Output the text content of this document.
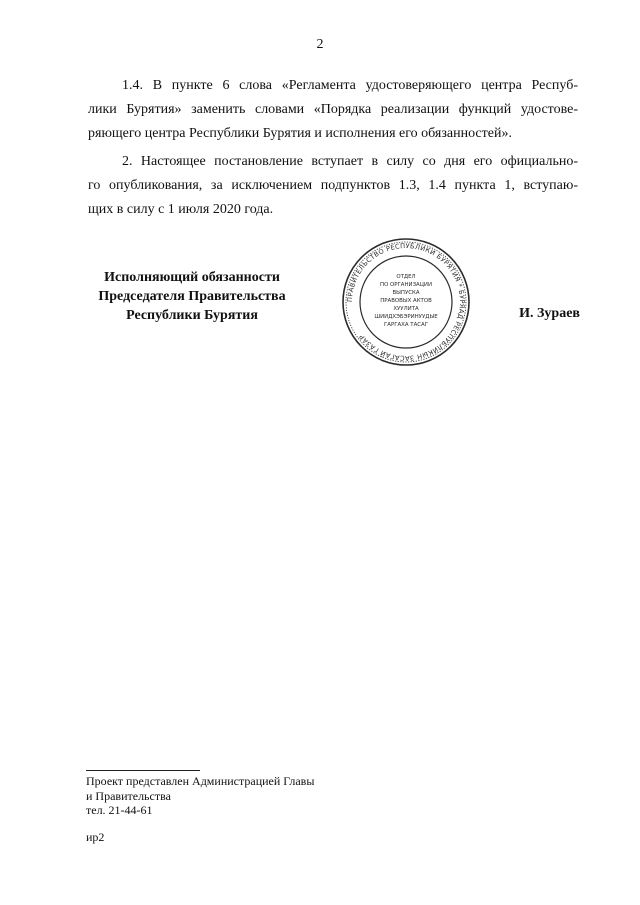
2
1.4. В пункте 6 слова «Регламента удостоверяющего центра Респуб-
лики Бурятия» заменить словами «Порядка реализации функций удостове-
ряющего центра Республики Бурятия и исполнения его обязанностей».
2. Настоящее постановление вступает в силу со дня его официально-
го опубликования, за исключением подпунктов 1.3, 1.4 пункта 1, вступаю-
щих в силу с 1 июля 2020 года.
Исполняющий обязанности
Председателя Правительства
Республики Бурятия
ПРАВИТЕЛЬСТВО РЕСПУБЛИКИ БУРЯТИЯ * БУРЯАД РЕСПУБЛИКЫН ЗАСАГАЙ ГАЗАР
ОТДЕЛ
ПО ОРГАНИЗАЦИИ
ВЫПУСКА
ПРАВОВЫХ АКТОВ
ХУУЛИТА
ШИИДХЭБЭРИНУУДЫЕ
ГАРГАХА ТАСАГ
И. Зураев
Проект представлен Администрацией Главы
и Правительства
тел. 21-44-61
ир2
